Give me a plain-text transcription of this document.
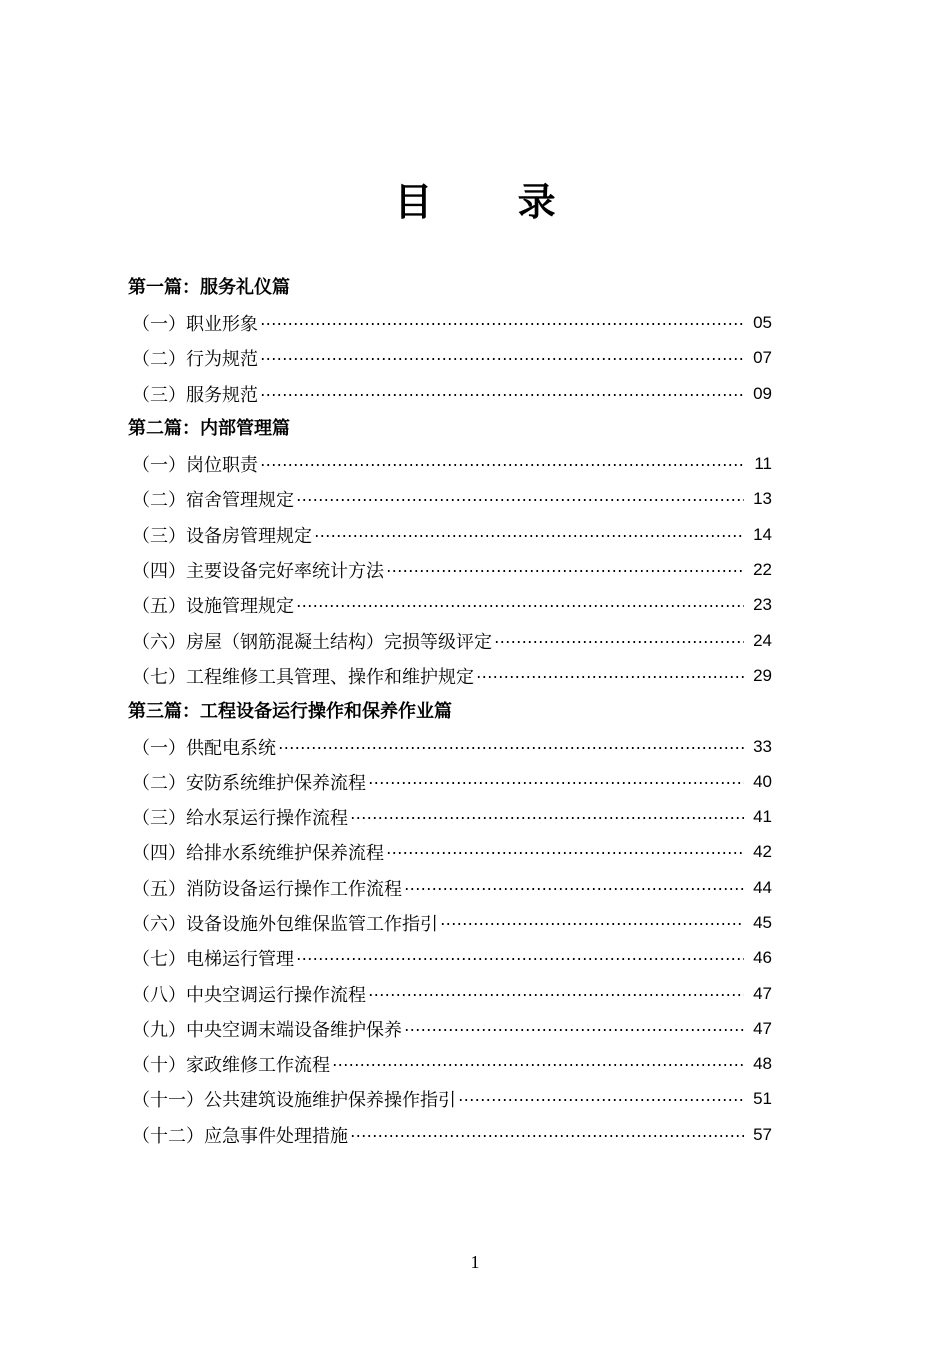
目 录
第一篇：服务礼仪篇
（一）职业形象	05
（二）行为规范	07
（三）服务规范	09
第二篇：内部管理篇
（一）岗位职责	11
（二）宿舍管理规定	13
（三）设备房管理规定	14
（四）主要设备完好率统计方法	22
（五）设施管理规定	23
（六）房屋（钢筋混凝土结构）完损等级评定	24
（七）工程维修工具管理、操作和维护规定	29
第三篇：工程设备运行操作和保养作业篇
（一）供配电系统	33
（二）安防系统维护保养流程	40
（三）给水泵运行操作流程	41
（四）给排水系统维护保养流程	42
（五）消防设备运行操作工作流程	44
（六）设备设施外包维保监管工作指引	45
（七）电梯运行管理	46
（八）中央空调运行操作流程	47
（九）中央空调末端设备维护保养	47
（十）家政维修工作流程	48
（十一）公共建筑设施维护保养操作指引	51
（十二）应急事件处理措施	57
1
